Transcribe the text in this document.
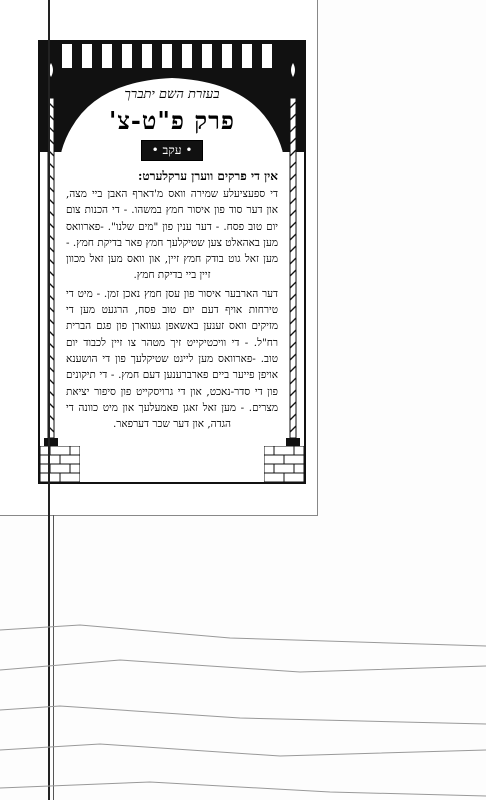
בעזרת השם יתברך
פרק פ"ט-צ'
• עקב •
אין די פרקים ווערן ערקלערט:
די ספעציעלע שמירה וואס מ'דארף האבן ביי מצה, און דער סוד פון איסור חמץ במשהו. - די הכנות צום יום טוב פסח. - דער ענין פון "מים שלנו". -פארוואס מען באהאלט צען שטיקלעך חמץ פאר בדיקת חמץ. - מען זאל גוט בודק חמץ זיין, און וואס מען זאל מכוון זיין ביי בדיקת חמץ.
דער הארבער איסור פון עסן חמץ נאכן זמן. - מיט די טירחות אויף דעם יום טוב פסח, הרגעט מען די מזיקים וואס זענען באשאפן געווארן פון פגם הברית רח"ל. - די וויכטיקייט זיך מטהר צו זיין לכבוד יום טוב. -פארוואס מען לייגט שטיקלעך פון די הושענא אויפן פייער ביים פארברענען דעם חמץ. - די תיקונים פון די סדר-נאכט, און די גרויסקייט פון סיפור יציאת מצרים. - מען זאל זאגן פאמעלעך און מיט כוונה די הגדה, און דער שכר דערפאר.
